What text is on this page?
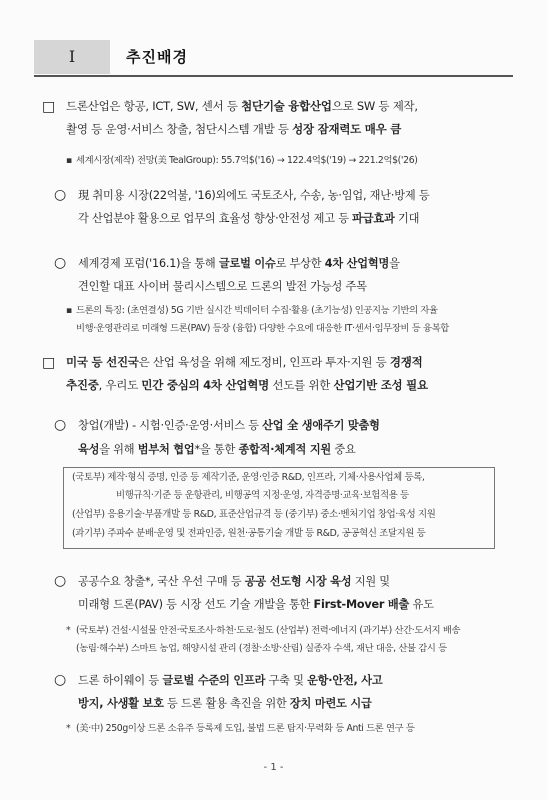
I	추진배경
□ 드론산업은 항공, ICT, SW, 센서 등 첨단기술 융합산업으로 SW 등 제작,
촬영 등 운영·서비스 창출, 첨단시스템 개발 등 성장 잠재력도 매우 큼
▪ 세계시장(제작) 전망(美 TealGroup): 55.7억$('16) → 122.4억$('19) → 221.2억$('26)
○ 現 취미용 시장(22억불, '16)외에도 국토조사, 수송, 농·임업, 재난·방제 등
각 산업분야 활용으로 업무의 효율성 향상·안전성 제고 등 파급효과 기대
○ 세계경제 포럼('16.1)을 통해 글로벌 이슈로 부상한 4차 산업혁명을
견인할 대표 사이버 물리시스템으로 드론의 발전 가능성 주목
▪ 드론의 특징: (초연결성) 5G 기반 실시간 빅데이터 수집·활용 (초기능성) 인공지능 기반의 자율
비행·운영관리로 미래형 드론(PAV) 등장 (융합) 다양한 수요에 대응한 IT·센서·임무장비 등 융복합
□ 미국 등 선진국은 산업 육성을 위해 제도정비, 인프라 투자·지원 등 경쟁적
추진중, 우리도 민간 중심의 4차 산업혁명 선도를 위한 산업기반 조성 필요
○ 창업(개발) - 시험·인증·운영·서비스 등 산업 全 생애주기 맞춤형
육성을 위해 범부처 협업*을 통한 종합적·체계적 지원 중요
(국토부) 제작·형식 증명, 인증 등 제작기준, 운영·인증 R&D, 인프라, 기체·사용사업체 등록,
비행규칙·기준 등 운항관리, 비행공역 지정·운영, 자격증명·교육·보험적용 등
(산업부) 응용기술·부품개발 등 R&D, 표준산업규격 등 (중기부) 중소·벤처기업 창업·육성 지원
(과기부) 주파수 분배·운영 및 전파인증, 원천·공통기술 개발 등 R&D, 공공혁신 조달지원 등
○ 공공수요 창출*, 국산 우선 구매 등 공공 선도형 시장 육성 지원 및
미래형 드론(PAV) 등 시장 선도 기술 개발을 통한 First-Mover 배출 유도
* (국토부) 건설·시설물 안전·국토조사·하천·도로·철도 (산업부) 전력·에너지 (과기부) 산간·도서지 배송
(농림·해수부) 스마트 농업, 해양시설 관리 (경찰·소방·산림) 실종자 수색, 재난 대응, 산불 감시 등
○ 드론 하이웨이 등 글로벌 수준의 인프라 구축 및 운항·안전, 사고
방지, 사생활 보호 등 드론 활용 촉진을 위한 장치 마련도 시급
* (美·中) 250g이상 드론 소유주 등록제 도입, 불법 드론 탐지·무력화 등 Anti 드론 연구 등
- 1 -
